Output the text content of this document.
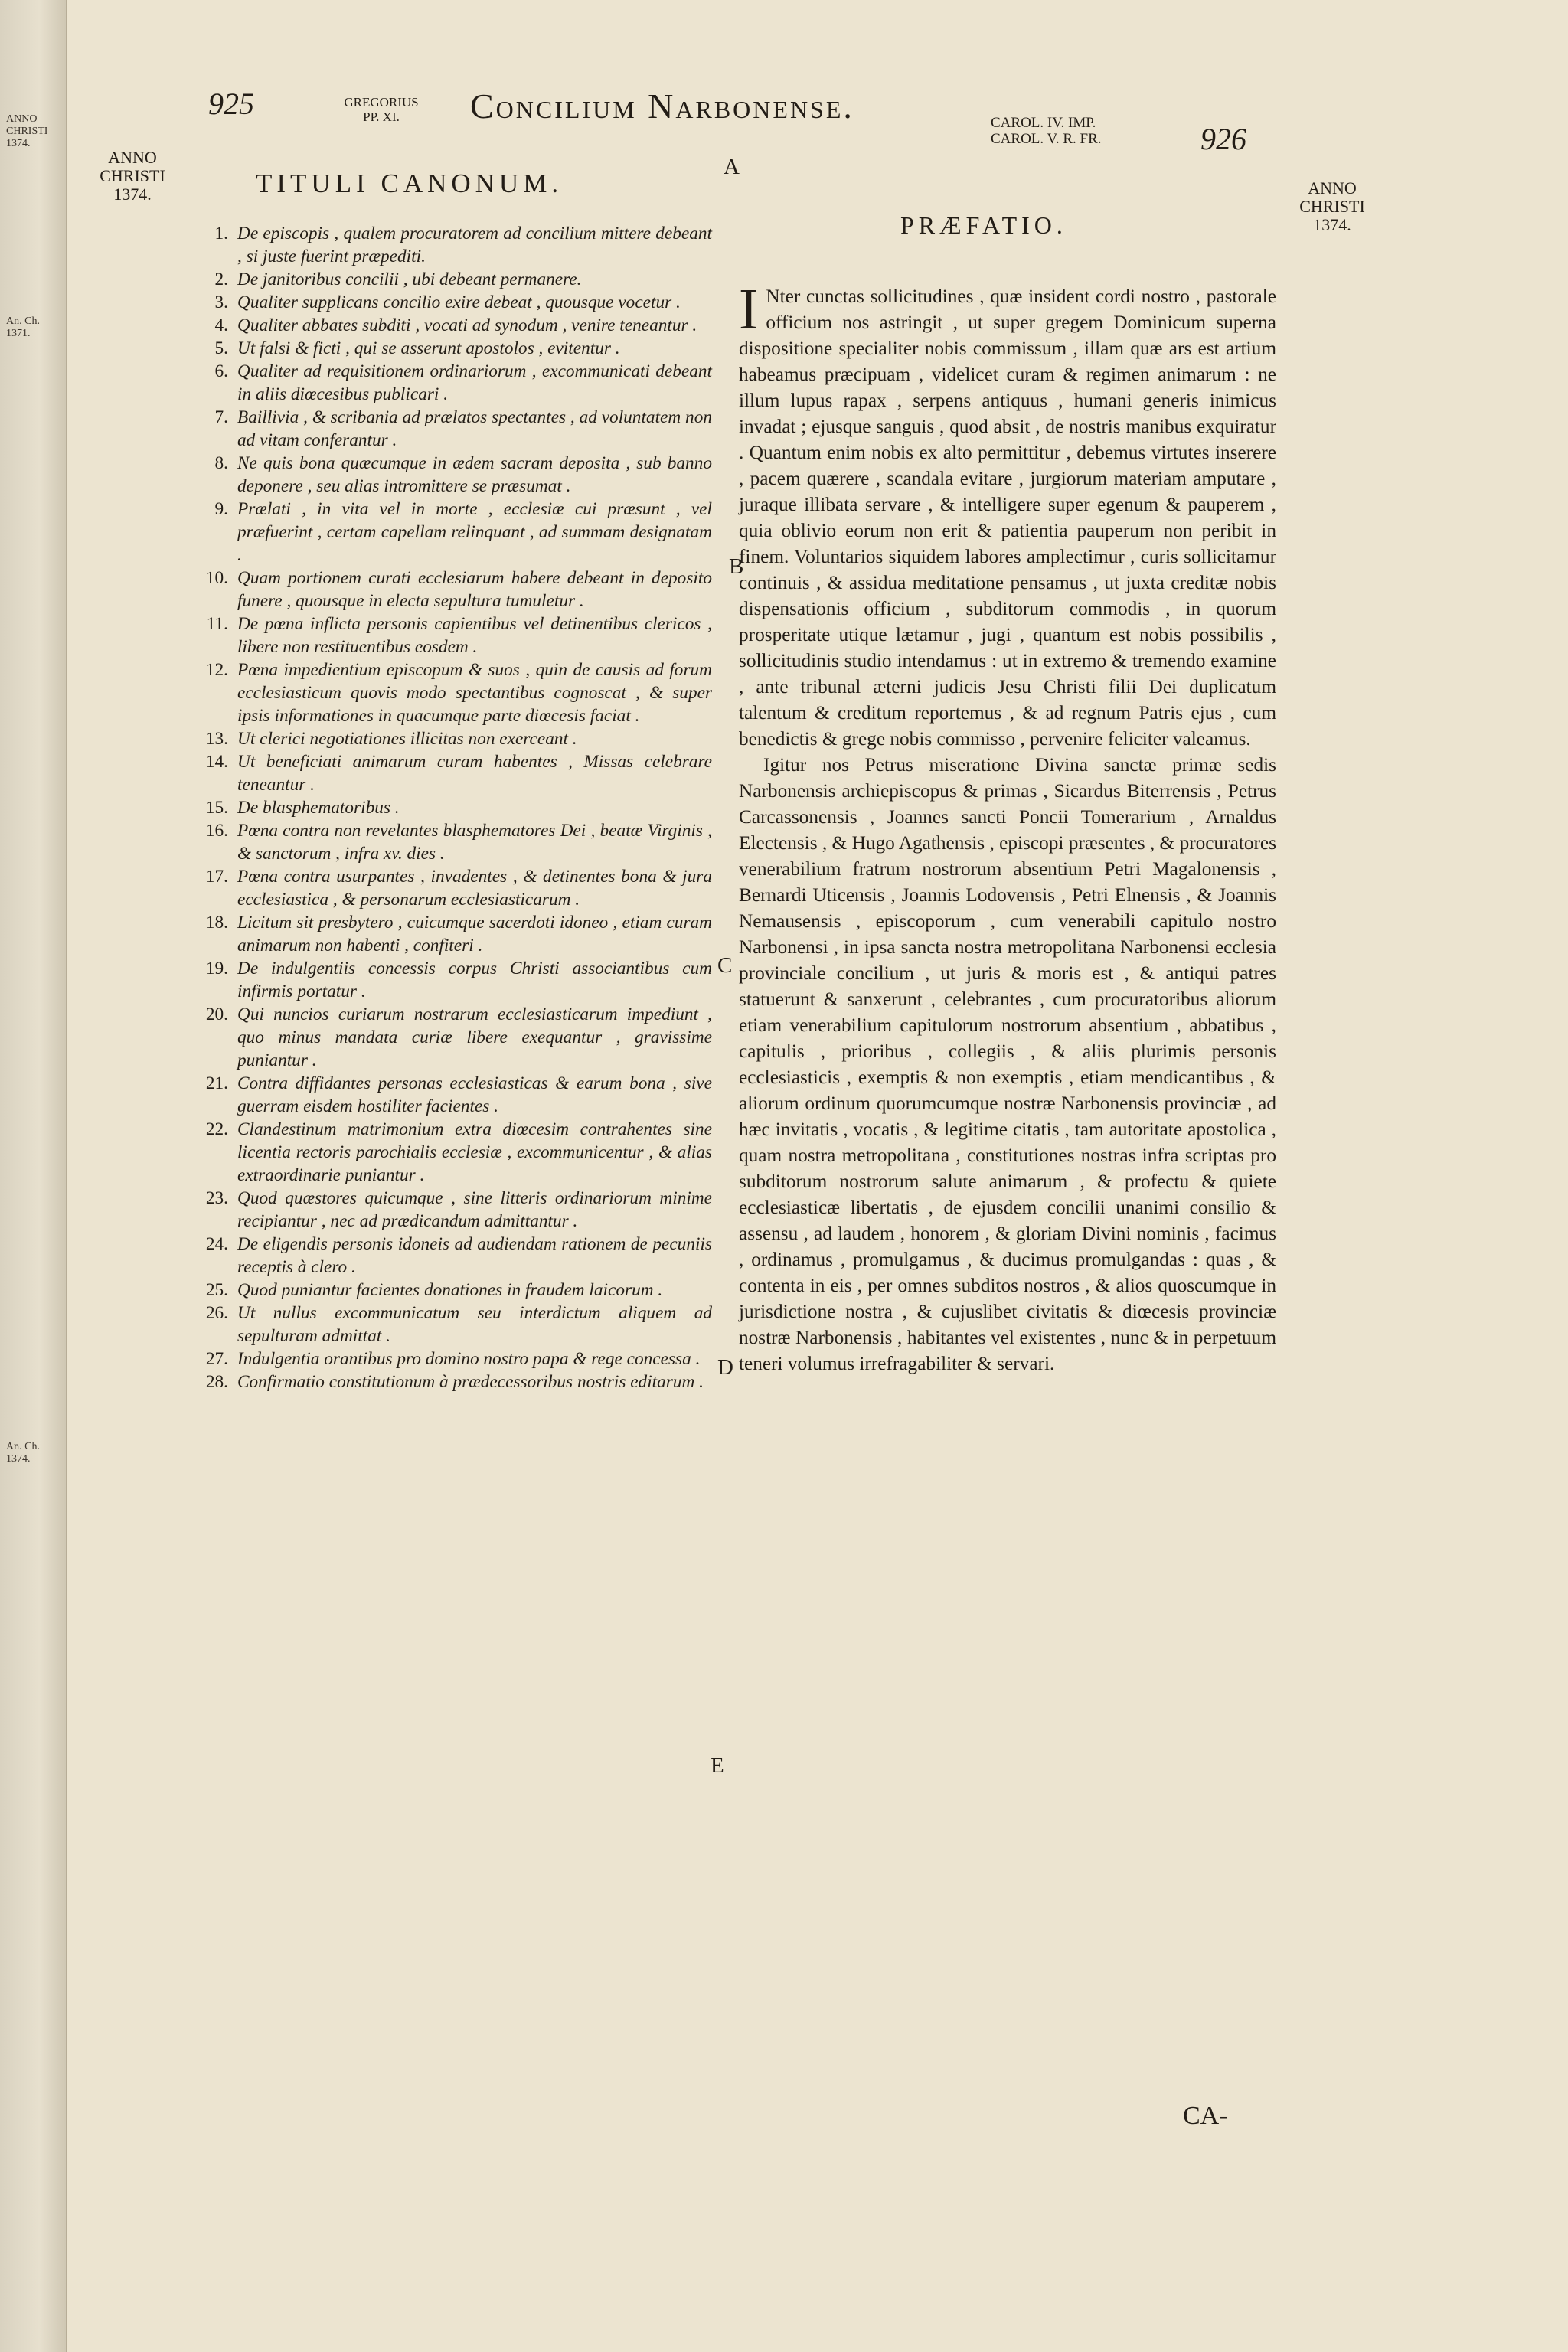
ANNO
CHRISTI
1374.
An. Ch.
1371.
An. Ch.
1374.
925	GREGORIUS
PP. XI.	Concilium Narbonense.	CAROL. IV. IMP.
CAROL. V. R. FR.	926
ANNO
CHRISTI
1374.	ANNO
CHRISTI
1374.
A
B
C
D
E
TITULI CANONUM.
1. De episcopis , qualem procuratorem ad concilium mittere debeant , si juste fuerint præpediti.
2. De janitoribus concilii , ubi debeant permanere.
3. Qualiter supplicans concilio exire debeat , quousque vocetur .
4. Qualiter abbates subditi , vocati ad synodum , venire teneantur .
5. Ut falsi & ficti , qui se asserunt apostolos , evitentur .
6. Qualiter ad requisitionem ordinariorum , excommunicati debeant in aliis diœcesibus publicari .
7. Baillivia , & scribania ad prælatos spectantes , ad voluntatem non ad vitam conferantur .
8. Ne quis bona quæcumque in ædem sacram deposita , sub banno deponere , seu alias intromittere se præsumat .
9. Prælati , in vita vel in morte , ecclesiæ cui præsunt , vel præfuerint , certam capellam relinquant , ad summam designatam .
10. Quam portionem curati ecclesiarum habere debeant in deposito funere , quousque in electa sepultura tumuletur .
11. De pœna inflicta personis capientibus vel detinentibus clericos , libere non restituentibus eosdem .
12. Pœna impedientium episcopum & suos , quin de causis ad forum ecclesiasticum quovis modo spectantibus cognoscat , & super ipsis informationes in quacumque parte diœcesis faciat .
13. Ut clerici negotiationes illicitas non exerceant .
14. Ut beneficiati animarum curam habentes , Missas celebrare teneantur .
15. De blasphematoribus .
16. Pœna contra non revelantes blasphematores Dei , beatæ Virginis , & sanctorum , infra xv. dies .
17. Pœna contra usurpantes , invadentes , & detinentes bona & jura ecclesiastica , & personarum ecclesiasticarum .
18. Licitum sit presbytero , cuicumque sacerdoti idoneo , etiam curam animarum non habenti , confiteri .
19. De indulgentiis concessis corpus Christi associantibus cum infirmis portatur .
20. Qui nuncios curiarum nostrarum ecclesiasticarum impediunt , quo minus mandata curiæ libere exequantur , gravissime puniantur .
21. Contra diffidantes personas ecclesiasticas & earum bona , sive guerram eisdem hostiliter facientes .
22. Clandestinum matrimonium extra diœcesim contrahentes sine licentia rectoris parochialis ecclesiæ , excommunicentur , & alias extraordinarie puniantur .
23. Quod quæstores quicumque , sine litteris ordinariorum minime recipiantur , nec ad prædicandum admittantur .
24. De eligendis personis idoneis ad audiendam rationem de pecuniis receptis à clero .
25. Quod puniantur facientes donationes in fraudem laicorum .
26. Ut nullus excommunicatum seu interdictum aliquem ad sepulturam admittat .
27. Indulgentia orantibus pro domino nostro papa & rege concessa .
28. Confirmatio constitutionum à prædecessoribus nostris editarum .
PRÆFATIO.

I Nter cunctas sollicitudines , quæ insident cordi nostro , pastorale officium nos astringit , ut super gregem Dominicum superna dispositione specialiter nobis commissum , illam quæ ars est artium habeamus præcipuam , videlicet curam & regimen animarum : ne illum lupus rapax , serpens antiquus , humani generis inimicus invadat ; ejusque sanguis , quod absit , de nostris manibus exquiratur . Quantum enim nobis ex alto permittitur , debemus virtutes inserere , pacem quærere , scandala evitare , jurgiorum materiam amputare , juraque illibata servare , & intelligere super egenum & pauperem , quia oblivio eorum non erit & patientia pauperum non peribit in finem. Voluntarios siquidem labores amplectimur , curis sollicitamur continuis , & assidua meditatione pensamus , ut juxta creditæ nobis dispensationis officium , subditorum commodis , in quorum prosperitate utique lætamur , jugi , quantum est nobis possibilis , sollicitudinis studio intendamus : ut in extremo & tremendo examine , ante tribunal æterni judicis Jesu Christi filii Dei duplicatum talentum & creditum reportemus , & ad regnum Patris ejus , cum benedictis & grege nobis commisso , pervenire feliciter valeamus.

Igitur nos Petrus miseratione Divina sanctæ primæ sedis Narbonensis archiepiscopus & primas , Sicardus Biterrensis , Petrus Carcassonensis , Joannes sancti Poncii Tomerarium , Arnaldus Electensis , & Hugo Agathensis , episcopi præsentes , & procuratores venerabilium fratrum nostrorum absentium Petri Magalonensis , Bernardi Uticensis , Joannis Lodovensis , Petri Elnensis , & Joannis Nemausensis , episcoporum , cum venerabili capitulo nostro Narbonensi , in ipsa sancta nostra metropolitana Narbonensi ecclesia provinciale concilium , ut juris & moris est , & antiqui patres statuerunt & sanxerunt , celebrantes , cum procuratoribus aliorum etiam venerabilium capitulorum nostrorum absentium , abbatibus , capitulis , prioribus , collegiis , & aliis plurimis personis ecclesiasticis , exemptis & non exemptis , etiam mendicantibus , & aliorum ordinum quorumcumque nostræ Narbonensis provinciæ , ad hæc invitatis , vocatis , & legitime citatis , tam autoritate apostolica , quam nostra metropolitana , constitutiones nostras infra scriptas pro subditorum nostrorum salute animarum , & profectu & quiete ecclesiasticæ libertatis , de ejusdem concilii unanimi consilio & assensu , ad laudem , honorem , & gloriam Divini nominis , facimus , ordinamus , promulgamus , & ducimus promulgandas : quas , & contenta in eis , per omnes subditos nostros , & alios quoscumque in jurisdictione nostra , & cujuslibet civitatis & diœcesis provinciæ nostræ Narbonensis , habitantes vel existentes , nunc & in perpetuum teneri volumus irrefragabiliter & servari.

CA-
